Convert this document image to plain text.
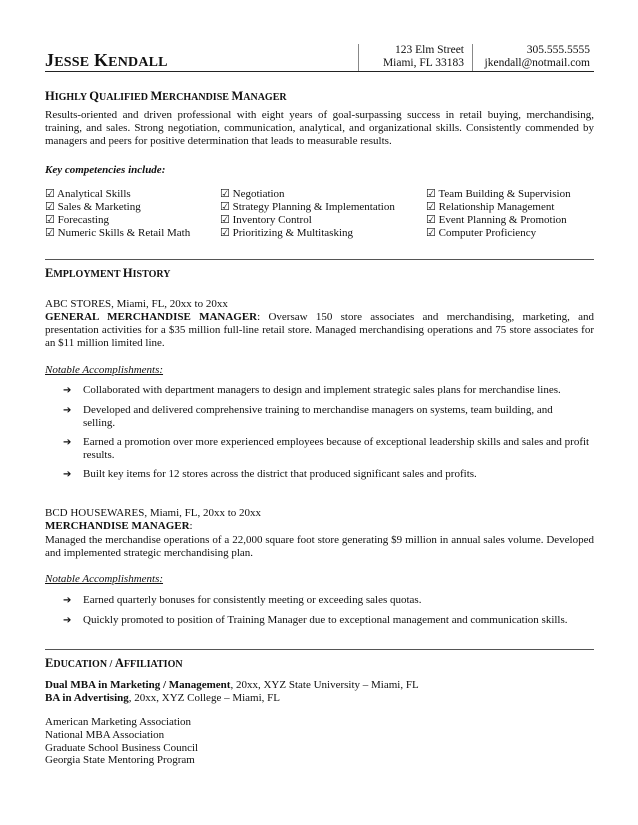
JESSE KENDALL
123 Elm Street
Miami, FL 33183
305.555.5555
jkendall@notmail.com
HIGHLY QUALIFIED MERCHANDISE MANAGER
Results-oriented and driven professional with eight years of goal-surpassing success in retail buying, merchandising, training, and sales. Strong negotiation, communication, analytical, and organizational skills. Consistently commended by managers and peers for positive determination that leads to measurable results.
Key competencies include:
☑ Analytical Skills
☑ Sales & Marketing
☑ Forecasting
☑ Numeric Skills & Retail Math
☑ Negotiation
☑ Strategy Planning & Implementation
☑ Inventory Control
☑ Prioritizing & Multitasking
☑ Team Building & Supervision
☑ Relationship Management
☑ Event Planning & Promotion
☑ Computer Proficiency
EMPLOYMENT HISTORY
ABC STORES, Miami, FL, 20xx to 20xx
GENERAL MERCHANDISE MANAGER: Oversaw 150 store associates and merchandising, marketing, and presentation activities for a $35 million full-line retail store. Managed merchandising operations and 75 store associates for an $11 million limited line.
Notable Accomplishments:
➔ Collaborated with department managers to design and implement strategic sales plans for merchandise lines.
➔ Developed and delivered comprehensive training to merchandise managers on systems, team building, and selling.
➔ Earned a promotion over more experienced employees because of exceptional leadership skills and sales and profit results.
➔ Built key items for 12 stores across the district that produced significant sales and profits.
BCD HOUSEWARES, Miami, FL, 20xx to 20xx
MERCHANDISE MANAGER:
Managed the merchandise operations of a 22,000 square foot store generating $9 million in annual sales volume. Developed and implemented strategic merchandising plan.
Notable Accomplishments:
➔ Earned quarterly bonuses for consistently meeting or exceeding sales quotas.
➔ Quickly promoted to position of Training Manager due to exceptional management and communication skills.
EDUCATION / AFFILIATION
Dual MBA in Marketing / Management, 20xx, XYZ State University – Miami, FL
BA in Advertising, 20xx, XYZ College – Miami, FL
American Marketing Association
National MBA Association
Graduate School Business Council
Georgia State Mentoring Program
